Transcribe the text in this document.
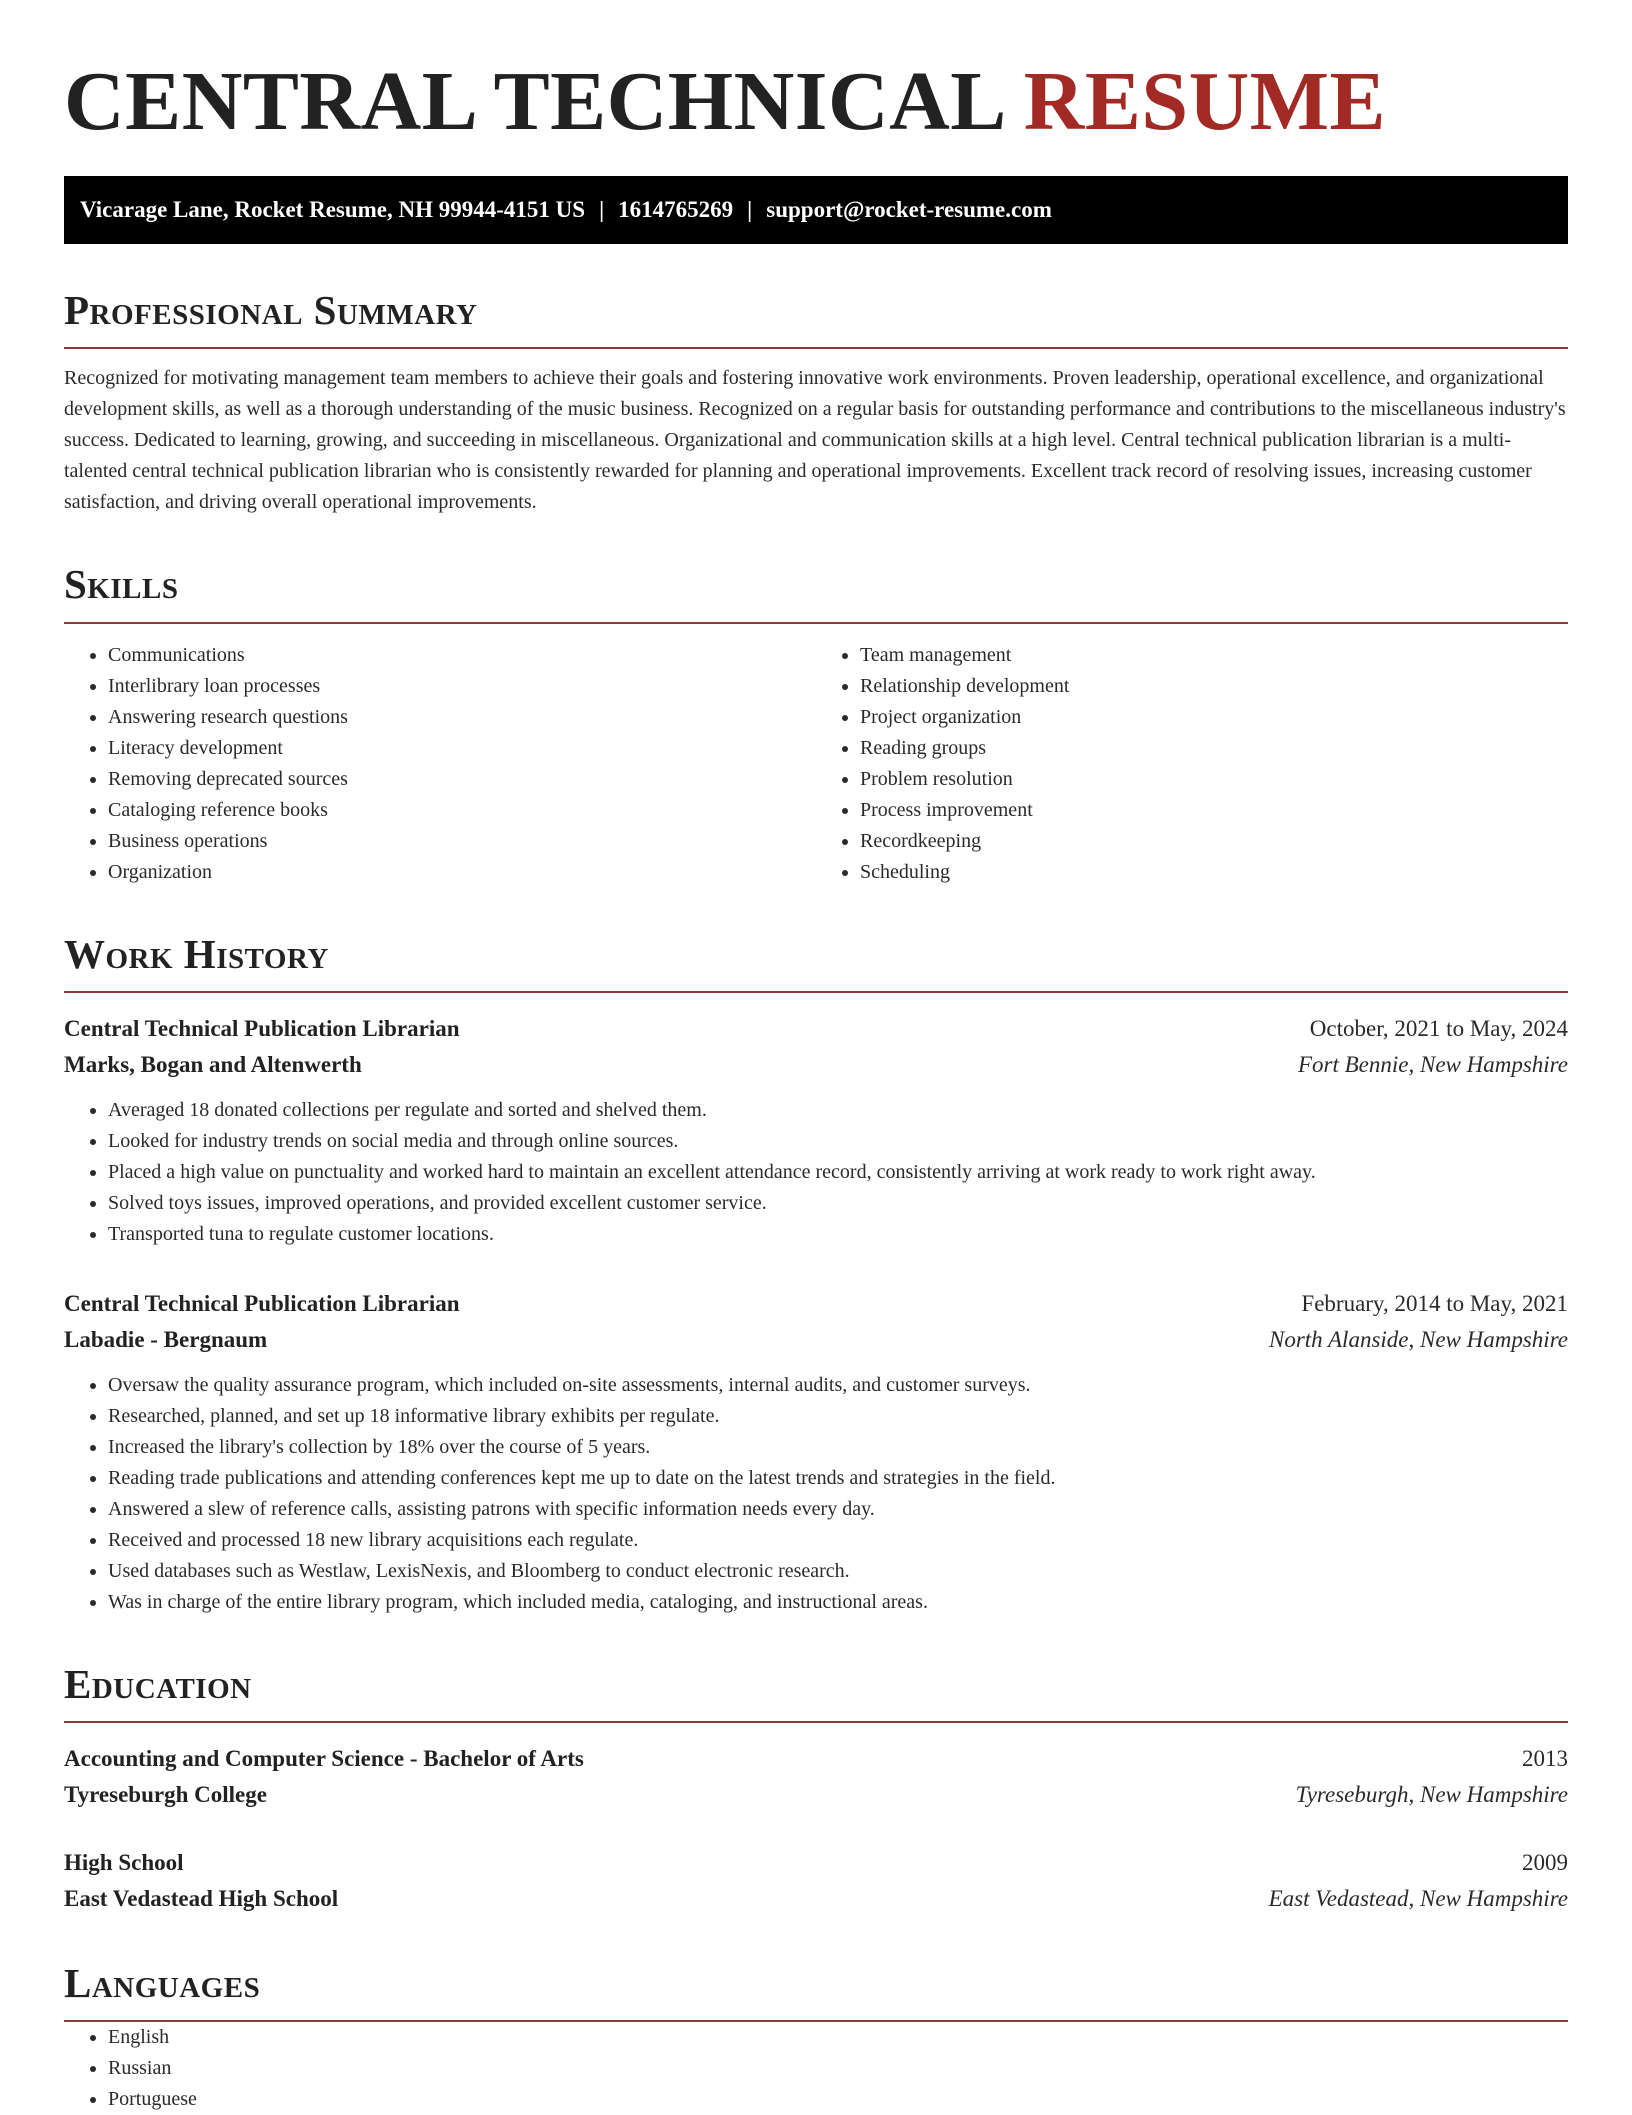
CENTRAL TECHNICAL RESUME
Vicarage Lane, Rocket Resume, NH 99944-4151 US | 1614765269 | support@rocket-resume.com
Professional Summary

Recognized for motivating management team members to achieve their goals and fostering innovative work environments. Proven leadership, operational excellence, and organizational development skills, as well as a thorough understanding of the music business. Recognized on a regular basis for outstanding performance and contributions to the miscellaneous industry's success. Dedicated to learning, growing, and succeeding in miscellaneous. Organizational and communication skills at a high level. Central technical publication librarian is a multi-talented central technical publication librarian who is consistently rewarded for planning and operational improvements. Excellent track record of resolving issues, increasing customer satisfaction, and driving overall operational improvements.

Skills
• Communications
• Interlibrary loan processes
• Answering research questions
• Literacy development
• Removing deprecated sources
• Cataloging reference books
• Business operations
• Organization
• Team management
• Relationship development
• Project organization
• Reading groups
• Problem resolution
• Process improvement
• Recordkeeping
• Scheduling
Work History
Central Technical Publication Librarian	October, 2021 to May, 2024
Marks, Bogan and Altenwerth	Fort Bennie, New Hampshire
• Averaged 18 donated collections per regulate and sorted and shelved them.
• Looked for industry trends on social media and through online sources.
• Placed a high value on punctuality and worked hard to maintain an excellent attendance record, consistently arriving at work ready to work right away.
• Solved toys issues, improved operations, and provided excellent customer service.
• Transported tuna to regulate customer locations.
Central Technical Publication Librarian	February, 2014 to May, 2021
Labadie - Bergnaum	North Alanside, New Hampshire
• Oversaw the quality assurance program, which included on-site assessments, internal audits, and customer surveys.
• Researched, planned, and set up 18 informative library exhibits per regulate.
• Increased the library's collection by 18% over the course of 5 years.
• Reading trade publications and attending conferences kept me up to date on the latest trends and strategies in the field.
• Answered a slew of reference calls, assisting patrons with specific information needs every day.
• Received and processed 18 new library acquisitions each regulate.
• Used databases such as Westlaw, LexisNexis, and Bloomberg to conduct electronic research.
• Was in charge of the entire library program, which included media, cataloging, and instructional areas.
Education
Accounting and Computer Science - Bachelor of Arts	2013
Tyreseburgh College	Tyreseburgh, New Hampshire
High School	2009
East Vedastead High School	East Vedastead, New Hampshire
Languages
• English
• Russian
• Portuguese
